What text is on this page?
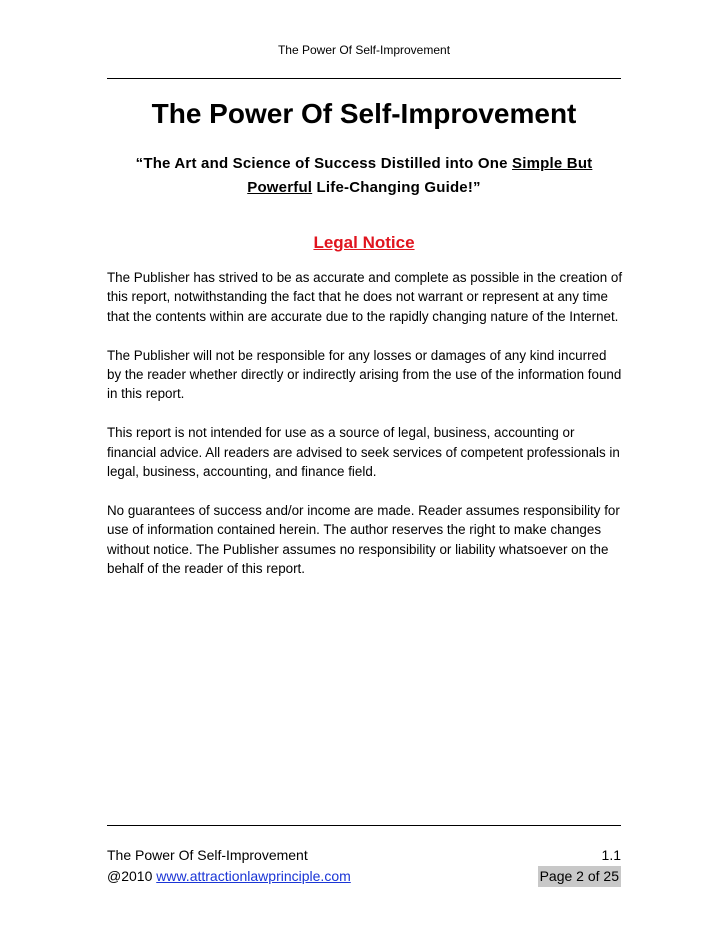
The Power Of Self-Improvement
The Power Of Self-Improvement
“The Art and Science of Success Distilled into One Simple But
Powerful Life-Changing Guide!”
Legal Notice

The Publisher has strived to be as accurate and complete as possible in the creation of this report, notwithstanding the fact that he does not warrant or represent at any time that the contents within are accurate due to the rapidly changing nature of the Internet.

The Publisher will not be responsible for any losses or damages of any kind incurred by the reader whether directly or indirectly arising from the use of the information found in this report.

This report is not intended for use as a source of legal, business, accounting or financial advice. All readers are advised to seek services of competent professionals in legal, business, accounting, and finance field.

No guarantees of success and/or income are made. Reader assumes responsibility for use of information contained herein. The author reserves the right to make changes without notice. The Publisher assumes no responsibility or liability whatsoever on the behalf of the reader of this report.

The Power Of Self-Improvement	1.1
@2010 www.attractionlawprinciple.com	Page 2 of 25
